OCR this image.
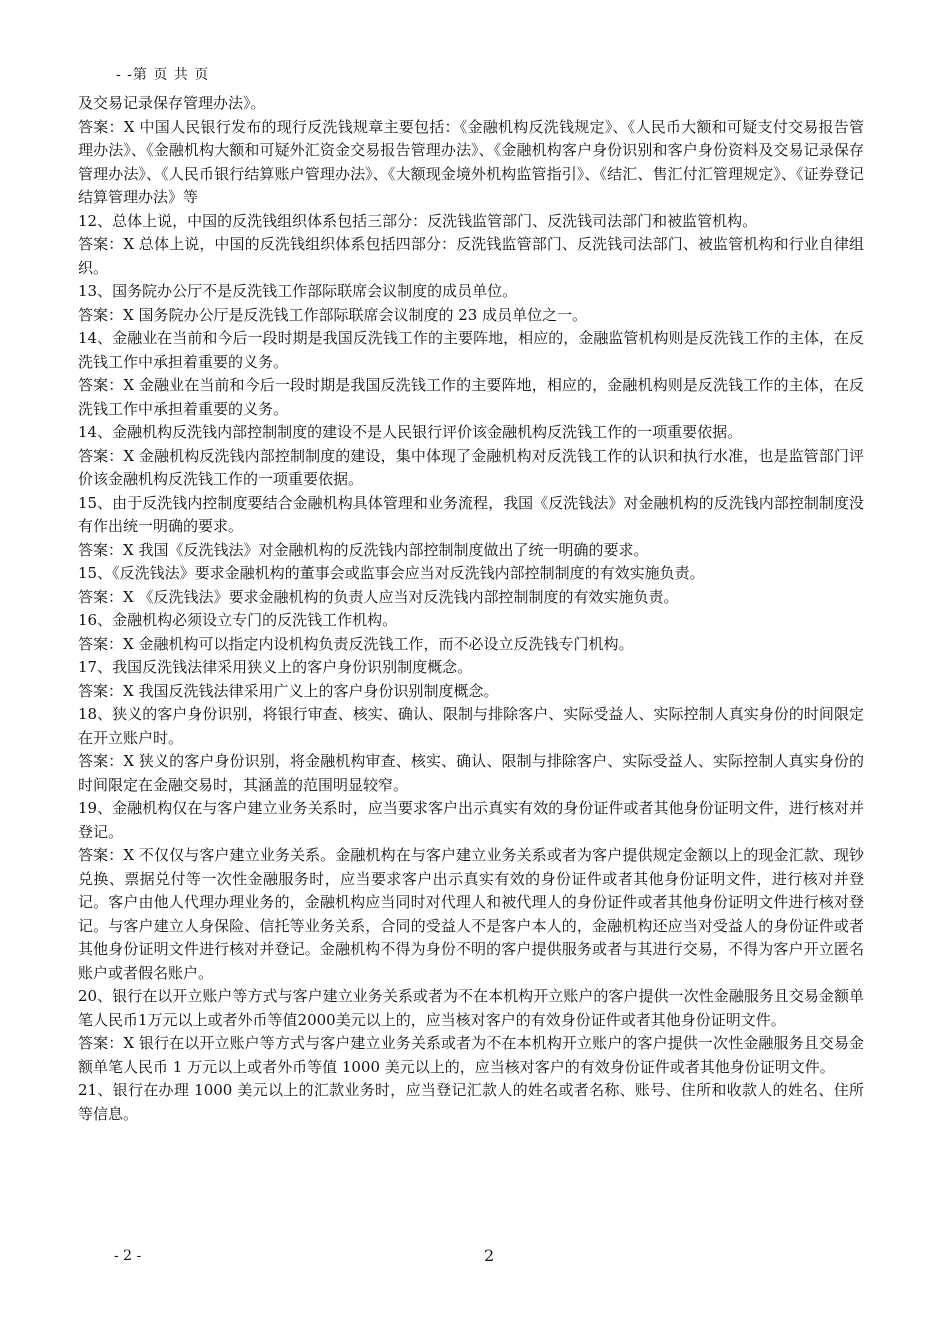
- -第 页 共 页

及交易记录保存管理办法》。

答案：X 中国人民银行发布的现行反洗钱规章主要包括：《金融机构反洗钱规定》、《人民币大额和可疑支付交易报告管理办法》、《金融机构大额和可疑外汇资金交易报告管理办法》、《金融机构客户身份识别和客户身份资料及交易记录保存管理办法》、《人民币银行结算账户管理办法》、《大额现金境外机构监管指引》、《结汇、售汇付汇管理规定》、《证券登记结算管理办法》等

12、总体上说，中国的反洗钱组织体系包括三部分：反洗钱监管部门、反洗钱司法部门和被监管机构。

答案：X 总体上说，中国的反洗钱组织体系包括四部分：反洗钱监管部门、反洗钱司法部门、被监管机构和行业自律组织。

13、国务院办公厅不是反洗钱工作部际联席会议制度的成员单位。

答案：X 国务院办公厅是反洗钱工作部际联席会议制度的 23 成员单位之一。

14、金融业在当前和今后一段时期是我国反洗钱工作的主要阵地，相应的，金融监管机构则是反洗钱工作的主体，在反洗钱工作中承担着重要的义务。

答案：X 金融业在当前和今后一段时期是我国反洗钱工作的主要阵地，相应的，金融机构则是反洗钱工作的主体，在反洗钱工作中承担着重要的义务。

14、金融机构反洗钱内部控制制度的建设不是人民银行评价该金融机构反洗钱工作的一项重要依据。

答案：X 金融机构反洗钱内部控制制度的建设，集中体现了金融机构对反洗钱工作的认识和执行水准，也是监管部门评价该金融机构反洗钱工作的一项重要依据。

15、由于反洗钱内控制度要结合金融机构具体管理和业务流程，我国《反洗钱法》对金融机构的反洗钱内部控制制度没有作出统一明确的要求。

答案：X 我国《反洗钱法》对金融机构的反洗钱内部控制制度做出了统一明确的要求。

15、《反洗钱法》要求金融机构的董事会或监事会应当对反洗钱内部控制制度的有效实施负责。

答案：X 《反洗钱法》要求金融机构的负责人应当对反洗钱内部控制制度的有效实施负责。

16、金融机构必须设立专门的反洗钱工作机构。

答案：X 金融机构可以指定内设机构负责反洗钱工作，而不必设立反洗钱专门机构。

17、我国反洗钱法律采用狭义上的客户身份识别制度概念。

答案：X 我国反洗钱法律采用广义上的客户身份识别制度概念。

18、狭义的客户身份识别，将银行审查、核实、确认、限制与排除客户、实际受益人、实际控制人真实身份的时间限定在开立账户时。

答案：X 狭义的客户身份识别，将金融机构审查、核实、确认、限制与排除客户、实际受益人、实际控制人真实身份的时间限定在金融交易时，其涵盖的范围明显较窄。

19、金融机构仅在与客户建立业务关系时，应当要求客户出示真实有效的身份证件或者其他身份证明文件，进行核对并登记。

答案：X 不仅仅与客户建立业务关系。金融机构在与客户建立业务关系或者为客户提供规定金额以上的现金汇款、现钞兑换、票据兑付等一次性金融服务时，应当要求客户出示真实有效的身份证件或者其他身份证明文件，进行核对并登记。客户由他人代理办理业务的，金融机构应当同时对代理人和被代理人的身份证件或者其他身份证明文件进行核对登记。与客户建立人身保险、信托等业务关系，合同的受益人不是客户本人的，金融机构还应当对受益人的身份证件或者其他身份证明文件进行核对并登记。金融机构不得为身份不明的客户提供服务或者与其进行交易，不得为客户开立匿名账户或者假名账户。

20、银行在以开立账户等方式与客户建立业务关系或者为不在本机构开立账户的客户提供一次性金融服务且交易金额单笔人民币1万元以上或者外币等值2000美元以上的，应当核对客户的有效身份证件或者其他身份证明文件。

答案：X 银行在以开立账户等方式与客户建立业务关系或者为不在本机构开立账户的客户提供一次性金融服务且交易金额单笔人民币 1 万元以上或者外币等值 1000 美元以上的，应当核对客户的有效身份证件或者其他身份证明文件。

21、银行在办理 1000 美元以上的汇款业务时，应当登记汇款人的姓名或者名称、账号、住所和收款人的姓名、住所等信息。

- 2 -	2
